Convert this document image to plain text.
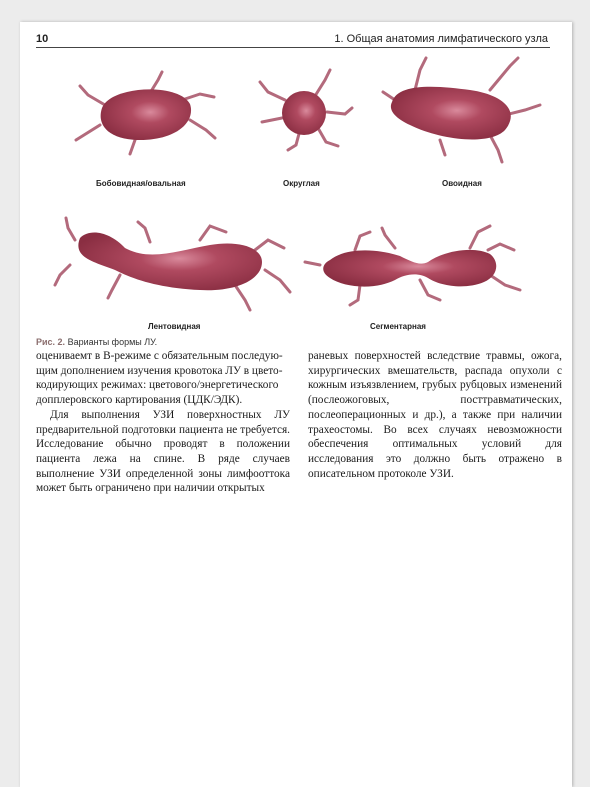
10	1. Общая анатомия лимфатического узла
Бобовидная/овальная	Округлая	Овоидная
Лентовидная	Сегментарная
Рис. 2. Варианты формы ЛУ.

оцениваемт в В-режиме с обязательным последую-

щим дополнением изучения кровотока ЛУ в цвето-

кодирующих режимах: цветового/энергетического

допплеровского картирования (ЦДК/ЭДК).

Для выполнения УЗИ поверхностных ЛУ предварительной подготовки пациента не требуется. Исследование обычно проводят в положении пациента лежа на спине. В ряде случаев выполнение УЗИ определенной зоны лимфооттока может быть ограничено при наличии открытых

раневых поверхностей вследствие травмы, ожога, хирургических вмешательств, распада опухоли с кожным изъязвлением, грубых рубцовых изменений (послеожоговых, посттравматических, послеоперационных и др.), а также при наличии трахеостомы. Во всех случаях невозможности обеспечения оптимальных условий для исследования это должно быть отражено в описательном протоколе УЗИ.
